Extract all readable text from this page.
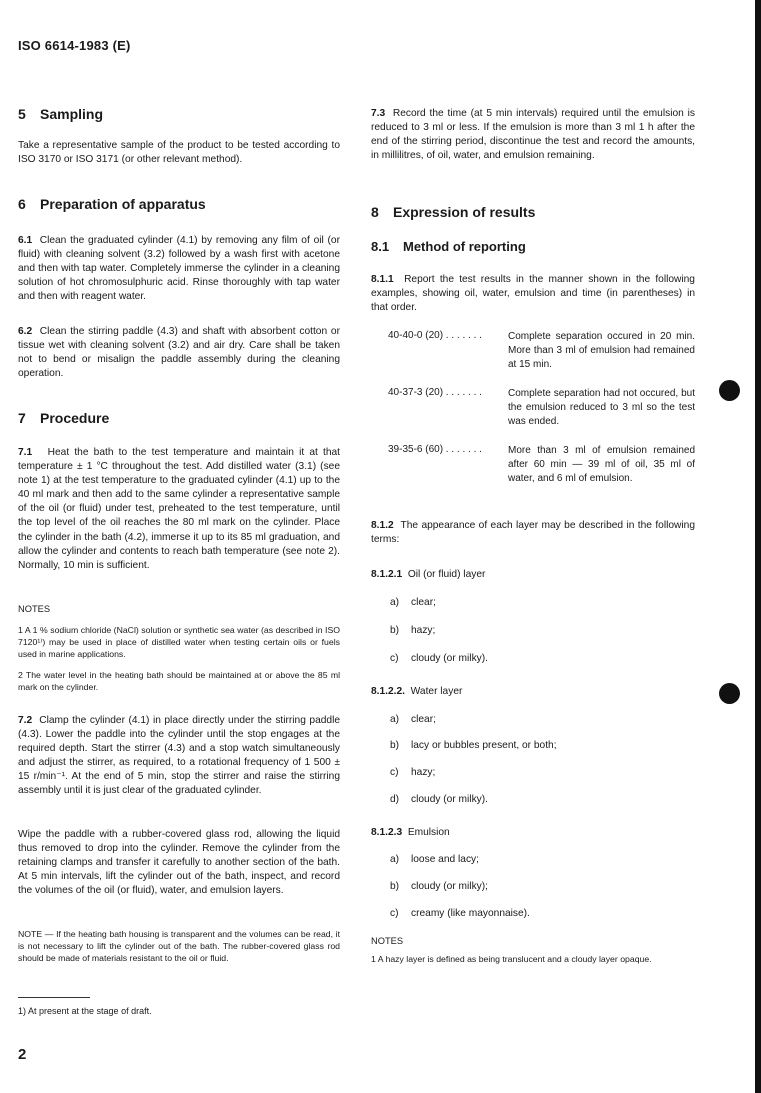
ISO 6614-1983 (E)
5 Sampling

Take a representative sample of the product to be tested according to ISO 3170 or ISO 3171 (or other relevant method).

6 Preparation of apparatus

6.1 Clean the graduated cylinder (4.1) by removing any film of oil (or fluid) with cleaning solvent (3.2) followed by a wash first with acetone and then with tap water. Completely immerse the cylinder in a cleaning solution of hot chromosulphuric acid. Rinse thoroughly with tap water and then with reagent water.

6.2 Clean the stirring paddle (4.3) and shaft with absorbent cotton or tissue wet with cleaning solvent (3.2) and air dry. Care shall be taken not to bend or misalign the paddle assembly during the cleaning operation.

7 Procedure

7.1 Heat the bath to the test temperature and maintain it at that temperature ± 1 °C throughout the test. Add distilled water (3.1) (see note 1) at the test temperature to the graduated cylinder (4.1) up to the 40 ml mark and then add to the same cylinder a representative sample of the oil (or fluid) under test, preheated to the test temperature, until the top level of the oil reaches the 80 ml mark on the cylinder. Place the cylinder in the bath (4.2), immerse it up to its 85 ml graduation, and allow the cylinder and contents to reach bath temperature (see note 2). Normally, 10 min is sufficient.

NOTES

1 A 1 % sodium chloride (NaCl) solution or synthetic sea water (as described in ISO 7120¹⁾) may be used in place of distilled water when testing certain oils or fuels used in marine applications.

2 The water level in the heating bath should be maintained at or above the 85 ml mark on the cylinder.

7.2 Clamp the cylinder (4.1) in place directly under the stirring paddle (4.3). Lower the paddle into the cylinder until the stop engages at the required depth. Start the stirrer (4.3) and a stop watch simultaneously and adjust the stirrer, as required, to a rotational frequency of 1 500 ± 15 r/min⁻¹. At the end of 5 min, stop the stirrer and raise the stirring assembly until it is just clear of the graduated cylinder.

Wipe the paddle with a rubber-covered glass rod, allowing the liquid thus removed to drop into the cylinder. Remove the cylinder from the retaining clamps and transfer it carefully to another section of the bath. At 5 min intervals, lift the cylinder out of the bath, inspect, and record the volumes of the oil (or fluid), water, and emulsion layers.

NOTE — If the heating bath housing is transparent and the volumes can be read, it is not necessary to lift the cylinder out of the bath. The rubber-covered glass rod should be made of materials resistant to the oil or fluid.

7.3 Record the time (at 5 min intervals) required until the emulsion is reduced to 3 ml or less. If the emulsion is more than 3 ml 1 h after the end of the stirring period, discontinue the test and record the amounts, in millilitres, of oil, water, and emulsion remaining.

8 Expression of results
8.1 Method of reporting

8.1.1 Report the test results in the manner shown in the following examples, showing oil, water, emulsion and time (in parentheses) in that order.

40-40-0 (20) . . . . . . .	Complete separation occured in 20 min. More than 3 ml of emulsion had remained at 15 min.
40-37-3 (20) . . . . . . .	Complete separation had not occured, but the emulsion reduced to 3 ml so the test was ended.
39-35-6 (60) . . . . . . .	More than 3 ml of emulsion remained after 60 min — 39 ml of oil, 35 ml of water, and 6 ml of emulsion.

8.1.2 The appearance of each layer may be described in the following terms:

8.1.2.1 Oil (or fluid) layer
a) clear;
b) hazy;
c) cloudy (or milky).
8.1.2.2. Water layer
a) clear;
b) lacy or bubbles present, or both;
c) hazy;
d) cloudy (or milky).
8.1.2.3 Emulsion
a) loose and lacy;
b) cloudy (or milky);
c) creamy (like mayonnaise).
NOTES

1 A hazy layer is defined as being translucent and a cloudy layer opaque.

1) At present at the stage of draft.
2
